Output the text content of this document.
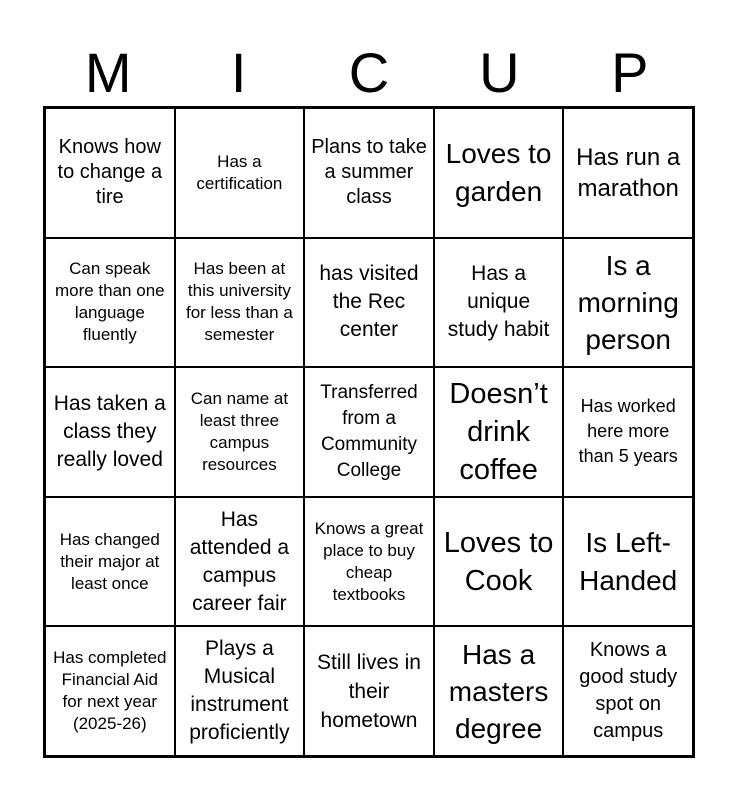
M	I	C	U	P
Knows how to change a tire
Has a certification
Plans to take a summer class
Loves to garden
Has run a marathon
Can speak more than one language fluently
Has been at this university for less than a semester
has visited the Rec center
Has a unique study habit
Is a morning person
Has taken a class they really loved
Can name at least three campus resources
Transferred from a Community College
Doesn’t drink coffee
Has worked here more than 5 years
Has changed their major at least once
Has attended a campus career fair
Knows a great place to buy cheap textbooks
Loves to Cook
Is Left-Handed
Has completed Financial Aid for next year (2025-26)
Plays a Musical instrument proficiently
Still lives in their hometown
Has a masters degree
Knows a good study spot on campus
